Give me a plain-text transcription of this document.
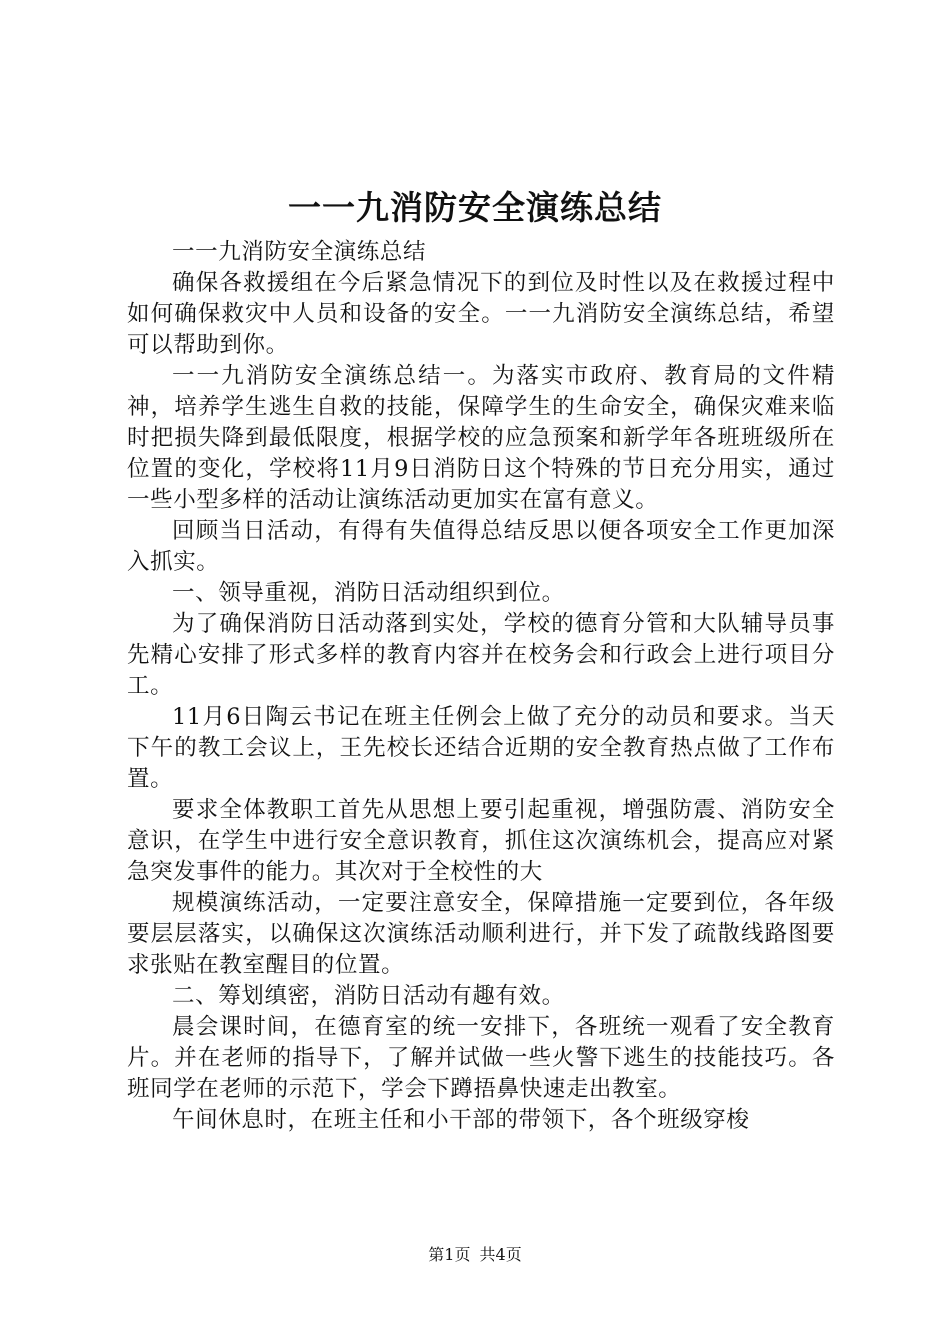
一一九消防安全演练总结

一一九消防安全演练总结

确保各救援组在今后紧急情况下的到位及时性以及在救援过程中如何确保救灾中人员和设备的安全。一一九消防安全演练总结，希望可以帮助到你。

一一九消防安全演练总结一。为落实市政府、教育局的文件精神，培养学生逃生自救的技能，保障学生的生命安全，确保灾难来临时把损失降到最低限度，根据学校的应急预案和新学年各班班级所在位置的变化，学校将11月9日消防日这个特殊的节日充分用实，通过一些小型多样的活动让演练活动更加实在富有意义。

回顾当日活动，有得有失值得总结反思以便各项安全工作更加深入抓实。

一、领导重视，消防日活动组织到位。

为了确保消防日活动落到实处，学校的德育分管和大队辅导员事先精心安排了形式多样的教育内容并在校务会和行政会上进行项目分工。

11月6日陶云书记在班主任例会上做了充分的动员和要求。当天下午的教工会议上，王先校长还结合近期的安全教育热点做了工作布置。

要求全体教职工首先从思想上要引起重视，增强防震、消防安全意识，在学生中进行安全意识教育，抓住这次演练机会，提高应对紧急突发事件的能力。其次对于全校性的大

规模演练活动，一定要注意安全，保障措施一定要到位，各年级要层层落实，以确保这次演练活动顺利进行，并下发了疏散线路图要求张贴在教室醒目的位置。

二、筹划缜密，消防日活动有趣有效。

晨会课时间，在德育室的统一安排下，各班统一观看了安全教育片。并在老师的指导下，了解并试做一些火警下逃生的技能技巧。各班同学在老师的示范下，学会下蹲捂鼻快速走出教室。

午间休息时，在班主任和小干部的带领下，各个班级穿梭

第1页 共4页
